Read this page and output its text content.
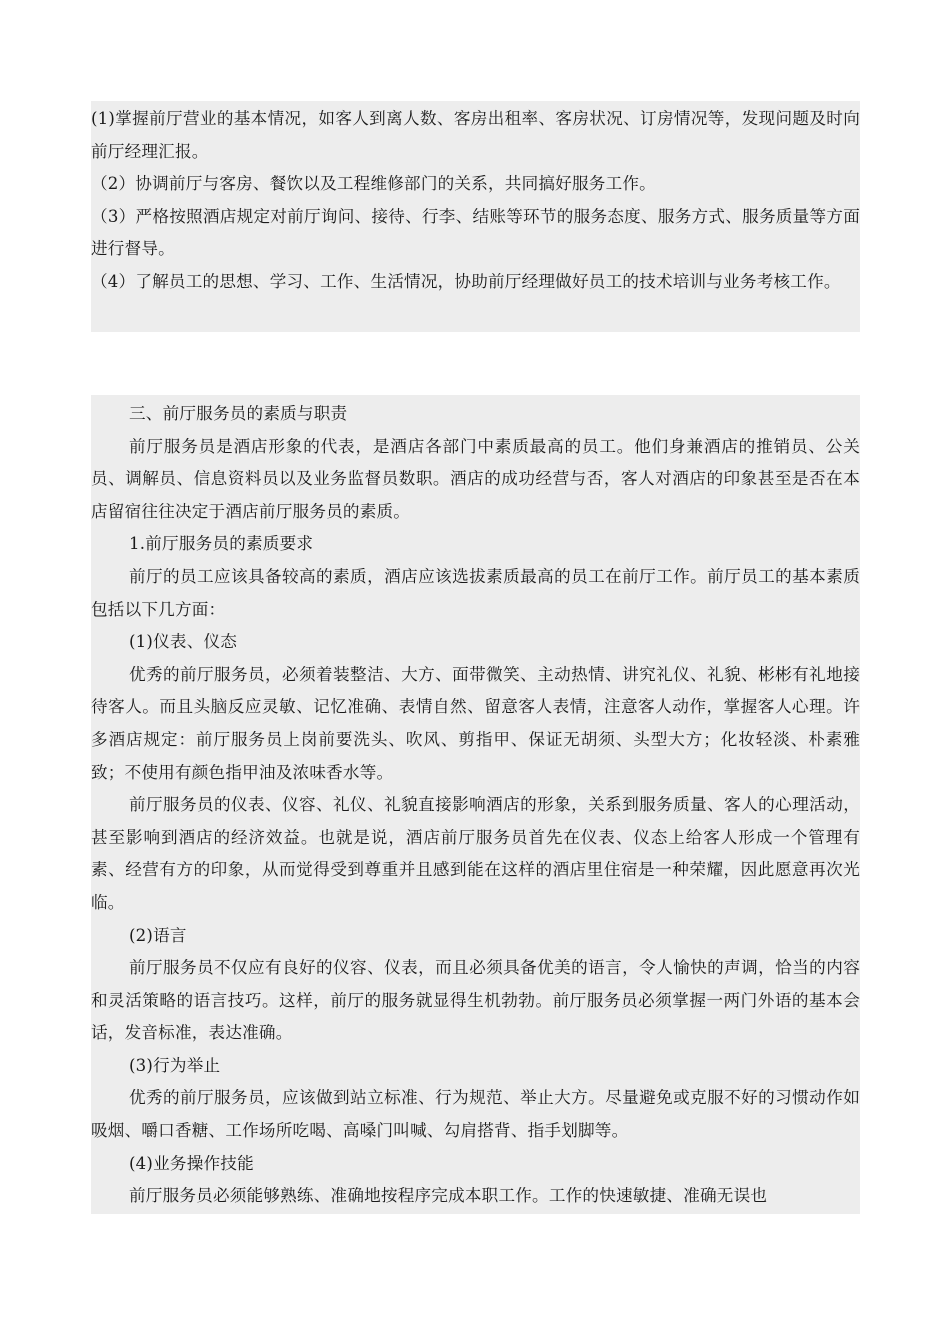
(1)掌握前厅营业的基本情况，如客人到离人数、客房出租率、客房状况、订房情况等，发现问题及时向前厅经理汇报。

（2）协调前厅与客房、餐饮以及工程维修部门的关系，共同搞好服务工作。

（3）严格按照酒店规定对前厅询问、接待、行李、结账等环节的服务态度、服务方式、服务质量等方面进行督导。

（4）了解员工的思想、学习、工作、生活情况，协助前厅经理做好员工的技术培训与业务考核工作。

三、前厅服务员的素质与职责

前厅服务员是酒店形象的代表，是酒店各部门中素质最高的员工。他们身兼酒店的推销员、公关员、调解员、信息资料员以及业务监督员数职。酒店的成功经营与否，客人对酒店的印象甚至是否在本店留宿往往决定于酒店前厅服务员的素质。

1.前厅服务员的素质要求

前厅的员工应该具备较高的素质，酒店应该选拔素质最高的员工在前厅工作。前厅员工的基本素质包括以下几方面：

(1)仪表、仪态

优秀的前厅服务员，必须着装整洁、大方、面带微笑、主动热情、讲究礼仪、礼貌、彬彬有礼地接待客人。而且头脑反应灵敏、记忆准确、表情自然、留意客人表情，注意客人动作，掌握客人心理。许多酒店规定：前厅服务员上岗前要洗头、吹风、剪指甲、保证无胡须、头型大方；化妆轻淡、朴素雅致；不使用有颜色指甲油及浓味香水等。

前厅服务员的仪表、仪容、礼仪、礼貌直接影响酒店的形象，关系到服务质量、客人的心理活动，甚至影响到酒店的经济效益。也就是说，酒店前厅服务员首先在仪表、仪态上给客人形成一个管理有素、经营有方的印象，从而觉得受到尊重并且感到能在这样的酒店里住宿是一种荣耀，因此愿意再次光临。

(2)语言

前厅服务员不仅应有良好的仪容、仪表，而且必须具备优美的语言，令人愉快的声调，恰当的内容和灵活策略的语言技巧。这样，前厅的服务就显得生机勃勃。前厅服务员必须掌握一两门外语的基本会话，发音标准，表达准确。

(3)行为举止

优秀的前厅服务员，应该做到站立标准、行为规范、举止大方。尽量避免或克服不好的习惯动作如吸烟、嚼口香糖、工作场所吃喝、高嗓门叫喊、勾肩搭背、指手划脚等。

(4)业务操作技能

前厅服务员必须能够熟练、准确地按程序完成本职工作。工作的快速敏捷、准确无误也
